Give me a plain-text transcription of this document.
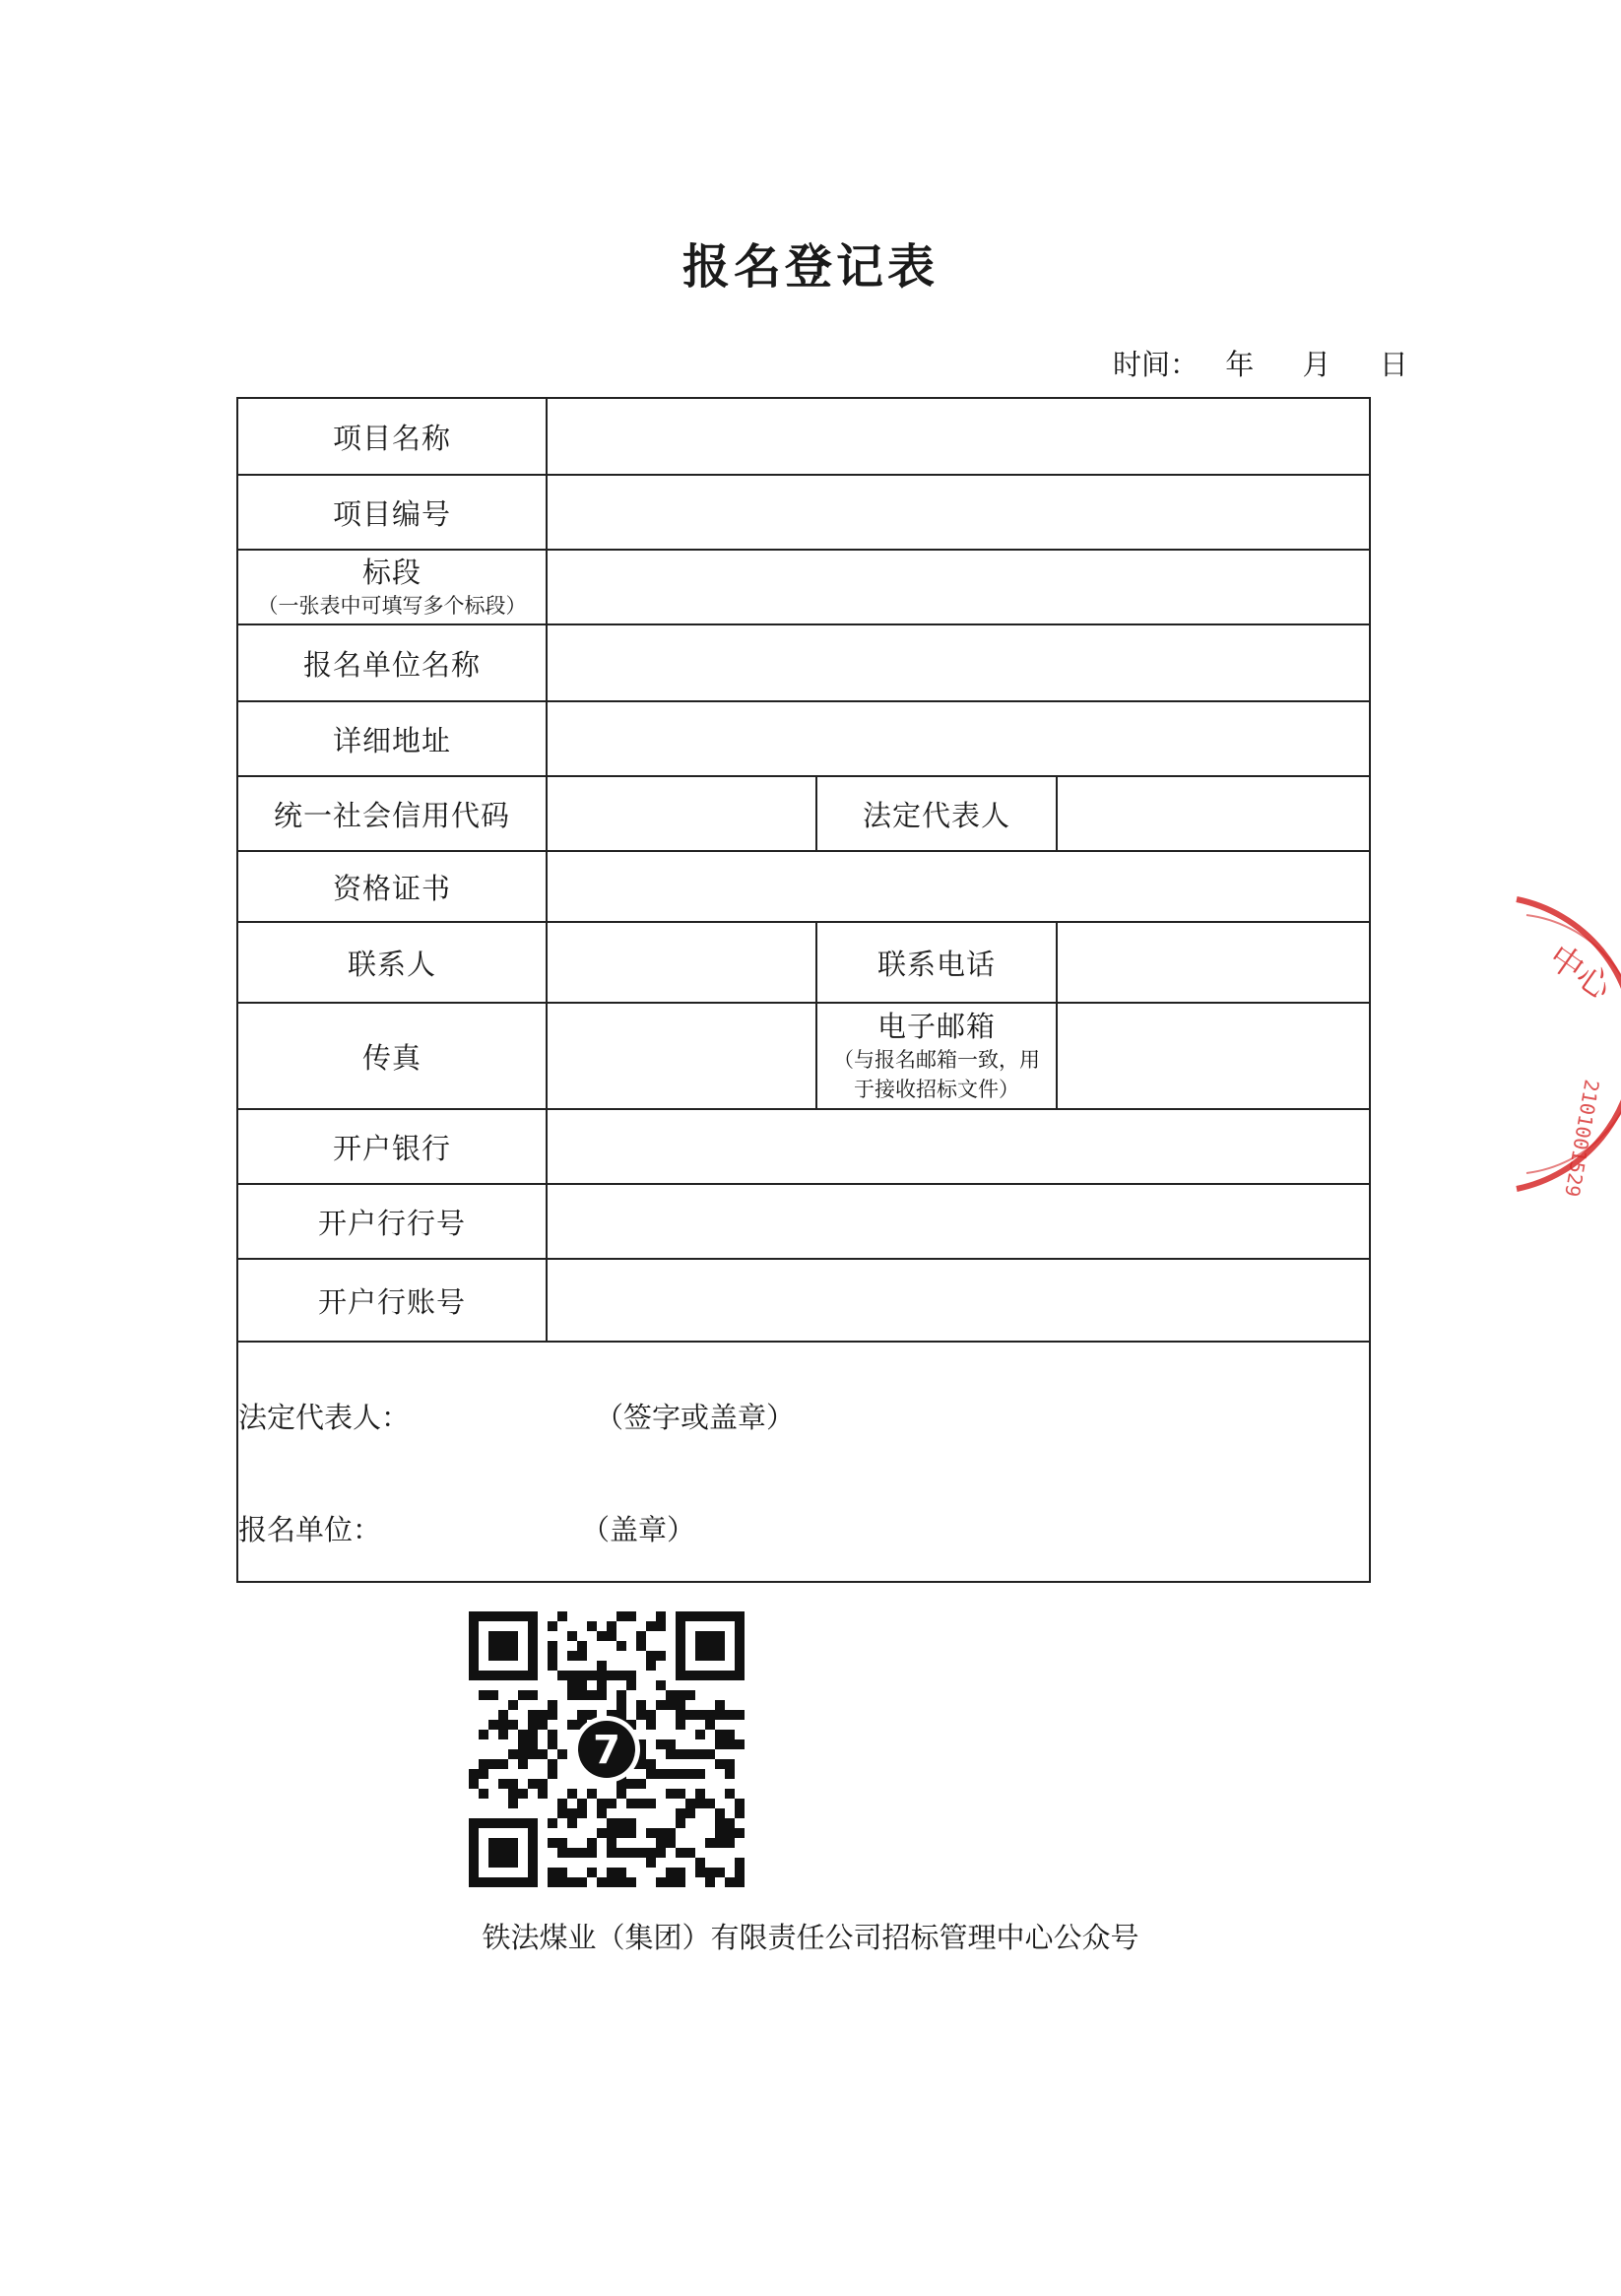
报名登记表
时间： 年 月 日
项目名称			
项目编号			

标段
（一张表中可填写多个标段）			

报名单位名称			
详细地址			
统一社会信用代码		法定代表人	
资格证书			
联系人		联系电话	
传真		电子邮箱
（与报名邮箱一致，用
于接收招标文件）	

开户银行			
开户行行号			
开户行账号			

法定代表人： （签字或盖章）
报名单位： （盖章）			
7
铁法煤业（集团）有限责任公司招标管理中心公众号
中心
2101001529
